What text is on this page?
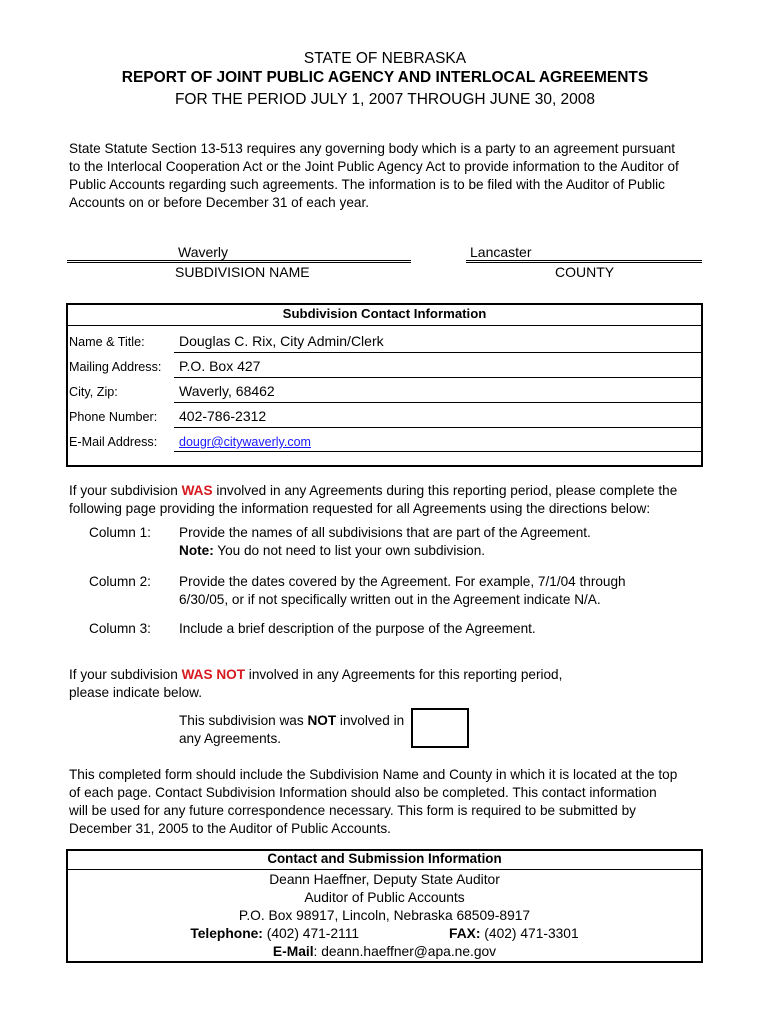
STATE OF NEBRASKA
REPORT OF JOINT PUBLIC AGENCY AND INTERLOCAL AGREEMENTS
FOR THE PERIOD JULY 1, 2007 THROUGH JUNE 30, 2008
State Statute Section 13-513 requires any governing body which is a party to an agreement pursuant
to the Interlocal Cooperation Act or the Joint Public Agency Act to provide information to the Auditor of
Public Accounts regarding such agreements. The information is to be filed with the Auditor of Public
Accounts on or before December 31 of each year.
Waverly
SUBDIVISION NAME
Lancaster
COUNTY
Subdivision Contact Information
Name & Title: Douglas C. Rix, City Admin/Clerk
Mailing Address: P.O. Box 427
City, Zip:	Waverly, 68462
Phone Number: 402-786-2312
E-Mail Address: dougr@citywaverly.com
If your subdivision WAS involved in any Agreements during this reporting period, please complete the
following page providing the information requested for all Agreements using the directions below:
Column 1: Provide the names of all subdivisions that are part of the Agreement.
Note: You do not need to list your own subdivision.
Column 2: Provide the dates covered by the Agreement. For example, 7/1/04 through
6/30/05, or if not specifically written out in the Agreement indicate N/A.
Column 3: Include a brief description of the purpose of the Agreement.
If your subdivision WAS NOT involved in any Agreements for this reporting period,
please indicate below.
This subdivision was NOT involved in
any Agreements.
This completed form should include the Subdivision Name and County in which it is located at the top
of each page. Contact Subdivision Information should also be completed. This contact information
will be used for any future correspondence necessary. This form is required to be submitted by
December 31, 2005 to the Auditor of Public Accounts.
Contact and Submission Information
Deann Haeffner, Deputy State Auditor
Auditor of Public Accounts
P.O. Box 98917, Lincoln, Nebraska 68509-8917
Telephone: (402) 471-2111	FAX: (402) 471-3301
E-Mail: deann.haeffner@apa.ne.gov
